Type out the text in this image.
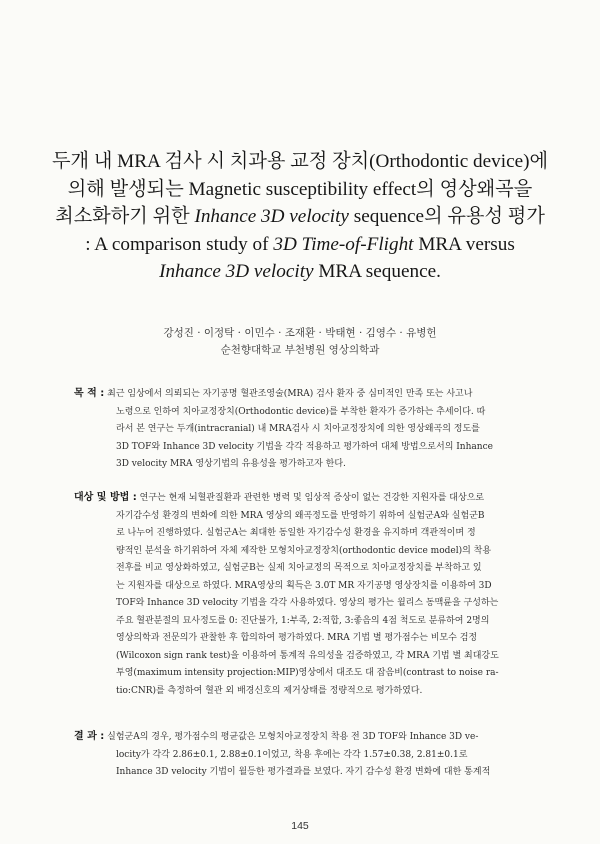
두개 내 MRA 검사 시 치과용 교정 장치(Orthodontic device)에
의해 발생되는 Magnetic susceptibility effect의 영상왜곡을
최소화하기 위한 Inhance 3D velocity sequence의 유용성 평가
: A comparison study of 3D Time-of-Flight MRA versus
Inhance 3D velocity MRA sequence.
강성진 · 이정탁 · 이민수 · 조재환 · 박태현 · 김영수 · 유병헌
순천향대학교 부천병원 영상의학과
목 적 : 최근 임상에서 의뢰되는 자기공명 혈관조영술(MRA) 검사 환자 중 심미적인 만족 또는 사고나
노령으로 인하여 치아교정장치(Orthodontic device)를 부착한 환자가 증가하는 추세이다. 따
라서 본 연구는 두개(intracranial) 내 MRA검사 시 치아교정장치에 의한 영상왜곡의 정도를
3D TOF와 Inhance 3D velocity 기법을 각각 적용하고 평가하여 대체 방법으로서의 Inhance
3D velocity MRA 영상기법의 유용성을 평가하고자 한다.
대상 및 방법 : 연구는 현재 뇌혈관질환과 관련한 병력 및 임상적 증상이 없는 건강한 지원자를 대상으로
자기감수성 환경의 변화에 의한 MRA 영상의 왜곡정도를 반영하기 위하여 실험군A와 실험군B
로 나누어 진행하였다. 실험군A는 최대한 동일한 자기감수성 환경을 유지하며 객관적이며 정
량적인 분석을 하기위하여 자체 제작한 모형치아교정장치(orthodontic device model)의 착용
전후를 비교 영상화하였고, 실험군B는 실제 치아교정의 목적으로 치아교정장치를 부착하고 있
는 지원자를 대상으로 하였다. MRA영상의 획득은 3.0T MR 자기공명 영상장치를 이용하여 3D
TOF와 Inhance 3D velocity 기법을 각각 사용하였다. 영상의 평가는 윌리스 동맥륜을 구성하는
주요 혈관분절의 묘사정도를 0: 진단불가, 1:부족, 2:적합, 3:좋음의 4점 척도로 분류하여 2명의
영상의학과 전문의가 관찰한 후 합의하여 평가하였다. MRA 기법 별 평가점수는 비모수 검정
(Wilcoxon sign rank test)을 이용하여 통계적 유의성을 검증하였고, 각 MRA 기법 별 최대강도
투영(maximum intensity projection:MIP)영상에서 대조도 대 잡음비(contrast to noise ra-
tio:CNR)를 측정하여 혈관 외 배경신호의 제거상태를 정량적으로 평가하였다.
결 과 : 실험군A의 경우, 평가점수의 평균값은 모형치아교정장치 착용 전 3D TOF와 Inhance 3D ve-
locity가 각각 2.86±0.1, 2.88±0.1이었고, 착용 후에는 각각 1.57±0.38, 2.81±0.1로
Inhance 3D velocity 기법이 월등한 평가결과를 보였다. 자기 감수성 환경 변화에 대한 통계적
145
